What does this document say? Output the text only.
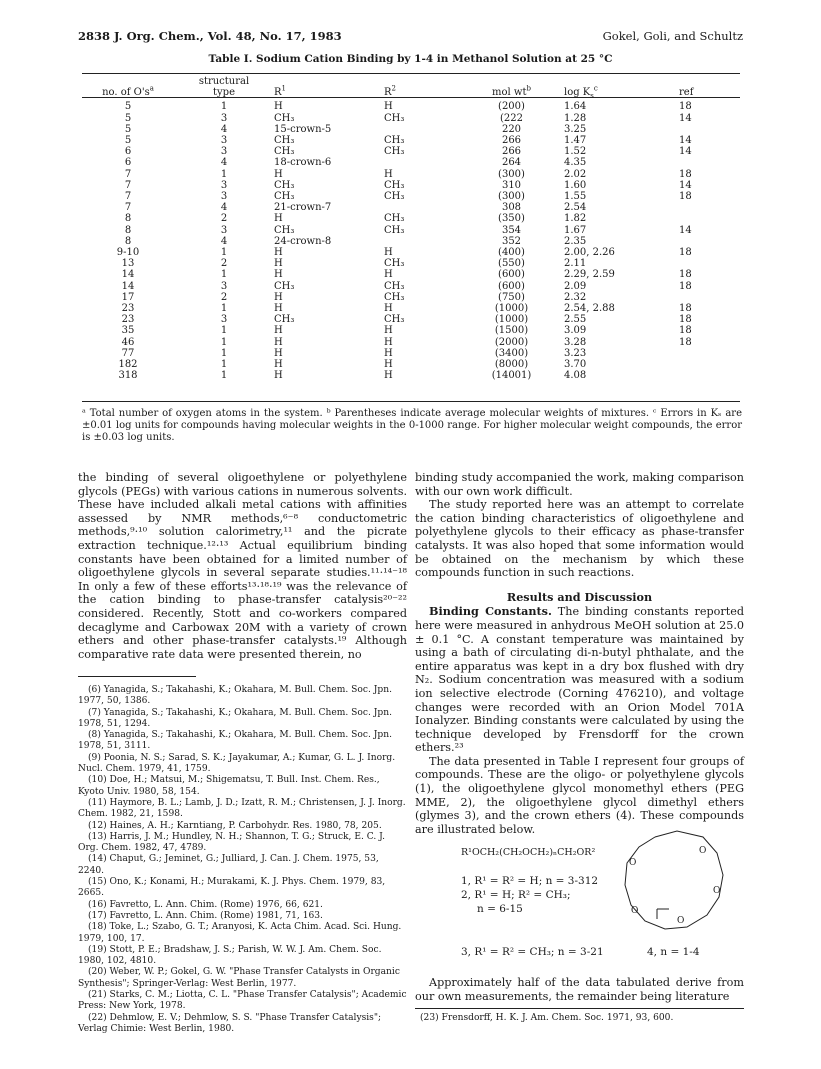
2838 J. Org. Chem., Vol. 48, No. 17, 1983	Gokel, Goli, and Schultz
Table I. Sodium Cation Binding by 1-4 in Methanol Solution at 25 °C
no. of $O's^a$	structural
type	$R^1$	$R^2$	mol $wt^b$	$\log K_s^c$	ref

5	1	H	H	(200)	1.64	18
5	3	CH₃	CH₃	(222	1.28	14
5	4	15-crown-5		220	3.25	
5	3	CH₃	CH₃	266	1.47	14
6	3	CH₃	CH₃	266	1.52	14
6	4	18-crown-6		264	4.35	
7	1	H	H	(300)	2.02	18
7	3	CH₃	CH₃	310	1.60	14
7	3	CH₃	CH₃	(300)	1.55	18
7	4	21-crown-7		308	2.54	
8	2	H	CH₃	(350)	1.82	
8	3	CH₃	CH₃	354	1.67	14
8	4	24-crown-8		352	2.35	
9-10	1	H	H	(400)	2.00, 2.26	18
13	2	H	CH₃	(550)	2.11	
14	1	H	H	(600)	2.29, 2.59	18
14	3	CH₃	CH₃	(600)	2.09	18
17	2	H	CH₃	(750)	2.32	
23	1	H	H	(1000)	2.54, 2.88	18
23	3	CH₃	CH₃	(1000)	2.55	18
35	1	H	H	(1500)	3.09	18
46	1	H	H	(2000)	3.28	18
77	1	H	H	(3400)	3.23	
182	1	H	H	(8000)	3.70	
318	1	H	H	(14001)	4.08	
ᵃ Total number of oxygen atoms in the system. ᵇ Parentheses indicate average molecular weights of mixtures. ᶜ Errors in Kₛ are ±0.01 log units for compounds having molecular weights in the 0-1000 range. For higher molecular weight compounds, the error is ±0.03 log units.

the binding of several oligoethylene or polyethylene glycols (PEGs) with various cations in numerous solvents. These have included alkali metal cations with affinities assessed by NMR methods,⁶⁻⁸ conductometric methods,⁹·¹⁰ solution calorimetry,¹¹ and the picrate extraction technique.¹²·¹³ Actual equilibrium binding constants have been obtained for a limited number of oligoethylene glycols in several separate studies.¹¹·¹⁴⁻¹⁸ In only a few of these efforts¹³·¹⁸·¹⁹ was the relevance of the cation binding to phase-transfer catalysis²⁰⁻²² considered. Recently, Stott and co-workers compared decaglyme and Carbowax 20M with a variety of crown ethers and other phase-transfer catalysts.¹⁹ Although comparative rate data were presented therein, no

(6) Yanagida, S.; Takahashi, K.; Okahara, M. Bull. Chem. Soc. Jpn. 1977, 50, 1386.

(7) Yanagida, S.; Takahashi, K.; Okahara, M. Bull. Chem. Soc. Jpn. 1978, 51, 1294.

(8) Yanagida, S.; Takahashi, K.; Okahara, M. Bull. Chem. Soc. Jpn. 1978, 51, 3111.

(9) Poonia, N. S.; Sarad, S. K.; Jayakumar, A.; Kumar, G. L. J. Inorg. Nucl. Chem. 1979, 41, 1759.

(10) Doe, H.; Matsui, M.; Shigematsu, T. Bull. Inst. Chem. Res., Kyoto Univ. 1980, 58, 154.

(11) Haymore, B. L.; Lamb, J. D.; Izatt, R. M.; Christensen, J. J. Inorg. Chem. 1982, 21, 1598.

(12) Haines, A. H.; Karntiang, P. Carbohydr. Res. 1980, 78, 205.

(13) Harris, J. M.; Hundley, N. H.; Shannon, T. G.; Struck, E. C. J. Org. Chem. 1982, 47, 4789.

(14) Chaput, G.; Jeminet, G.; Julliard, J. Can. J. Chem. 1975, 53, 2240.

(15) Ono, K.; Konami, H.; Murakami, K. J. Phys. Chem. 1979, 83, 2665.

(16) Favretto, L. Ann. Chim. (Rome) 1976, 66, 621.

(17) Favretto, L. Ann. Chim. (Rome) 1981, 71, 163.

(18) Toke, L.; Szabo, G. T.; Aranyosi, K. Acta Chim. Acad. Sci. Hung. 1979, 100, 17.

(19) Stott, P. E.; Bradshaw, J. S.; Parish, W. W. J. Am. Chem. Soc. 1980, 102, 4810.

(20) Weber, W. P.; Gokel, G. W. "Phase Transfer Catalysts in Organic Synthesis"; Springer-Verlag: West Berlin, 1977.

(21) Starks, C. M.; Liotta, C. L. "Phase Transfer Catalysis"; Academic Press: New York, 1978.

(22) Dehmlow, E. V.; Dehmlow, S. S. "Phase Transfer Catalysis"; Verlag Chimie: West Berlin, 1980.

binding study accompanied the work, making comparison with our own work difficult.

The study reported here was an attempt to correlate the cation binding characteristics of oligoethylene and polyethylene glycols to their efficacy as phase-transfer catalysts. It was also hoped that some information would be obtained on the mechanism by which these compounds function in such reactions.

Results and Discussion

Binding Constants. The binding constants reported here were measured in anhydrous MeOH solution at 25.0 ± 0.1 °C. A constant temperature was maintained by using a bath of circulating di-n-butyl phthalate, and the entire apparatus was kept in a dry box flushed with dry N₂. Sodium concentration was measured with a sodium ion selective electrode (Corning 476210), and voltage changes were recorded with an Orion Model 701A Ionalyzer. Binding constants were calculated by using the technique developed by Frensdorff for the crown ethers.²³

The data presented in Table I represent four groups of compounds. These are the oligo- or polyethylene glycols (1), the oligoethylene glycol monomethyl ethers (PEG MME, 2), the oligoethylene glycol dimethyl ethers (glymes 3), and the crown ethers (4). These compounds are illustrated below.

O
O
O
O
O
R¹OCH₂(CH₂OCH₂)ₙCH₂OR²
1, R¹ = R² = H; n = 3-312
2, R¹ = H; R² = CH₃;
n = 6-15
3, R¹ = R² = CH₃; n = 3-21	4, n = 1-4
Approximately half of the data tabulated derive from our own measurements, the remainder being literature
(23) Frensdorff, H. K. J. Am. Chem. Soc. 1971, 93, 600.
